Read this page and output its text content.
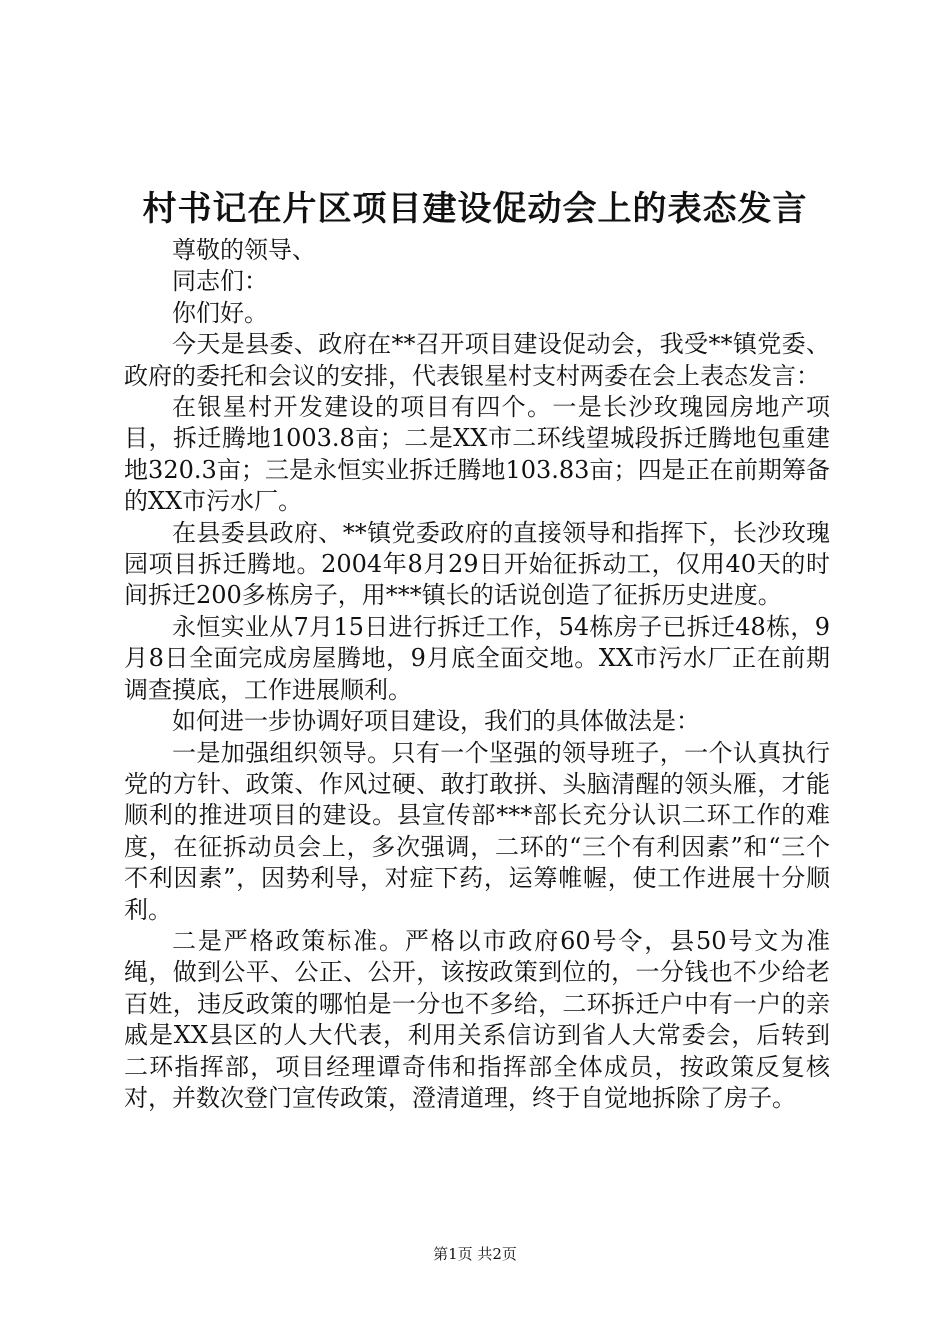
村书记在片区项目建设促动会上的表态发言

尊敬的领导、

同志们：

你们好。

今天是县委、政府在**召开项目建设促动会，我受**镇党委、政府的委托和会议的安排，代表银星村支村两委在会上表态发言：

在银星村开发建设的项目有四个。一是长沙玫瑰园房地产项目，拆迁腾地1003.8亩；二是XX市二环线望城段拆迁腾地包重建地320.3亩；三是永恒实业拆迁腾地103.83亩；四是正在前期筹备的XX市污水厂。

在县委县政府、**镇党委政府的直接领导和指挥下，长沙玫瑰园项目拆迁腾地。2004年8月29日开始征拆动工，仅用40天的时间拆迁200多栋房子，用***镇长的话说创造了征拆历史进度。

永恒实业从7月15日进行拆迁工作，54栋房子已拆迁48栋，9月8日全面完成房屋腾地，9月底全面交地。XX市污水厂正在前期调查摸底，工作进展顺利。

如何进一步协调好项目建设，我们的具体做法是：

一是加强组织领导。只有一个坚强的领导班子，一个认真执行党的方针、政策、作风过硬、敢打敢拼、头脑清醒的领头雁，才能顺利的推进项目的建设。县宣传部***部长充分认识二环工作的难度，在征拆动员会上，多次强调，二环的“三个有利因素”和“三个不利因素”，因势利导，对症下药，运筹帷幄，使工作进展十分顺利。

二是严格政策标准。严格以市政府60号令，县50号文为准绳，做到公平、公正、公开，该按政策到位的，一分钱也不少给老百姓，违反政策的哪怕是一分也不多给，二环拆迁户中有一户的亲戚是XX县区的人大代表，利用关系信访到省人大常委会，后转到二环指挥部，项目经理谭奇伟和指挥部全体成员，按政策反复核对，并数次登门宣传政策，澄清道理，终于自觉地拆除了房子。

第1页 共2页
